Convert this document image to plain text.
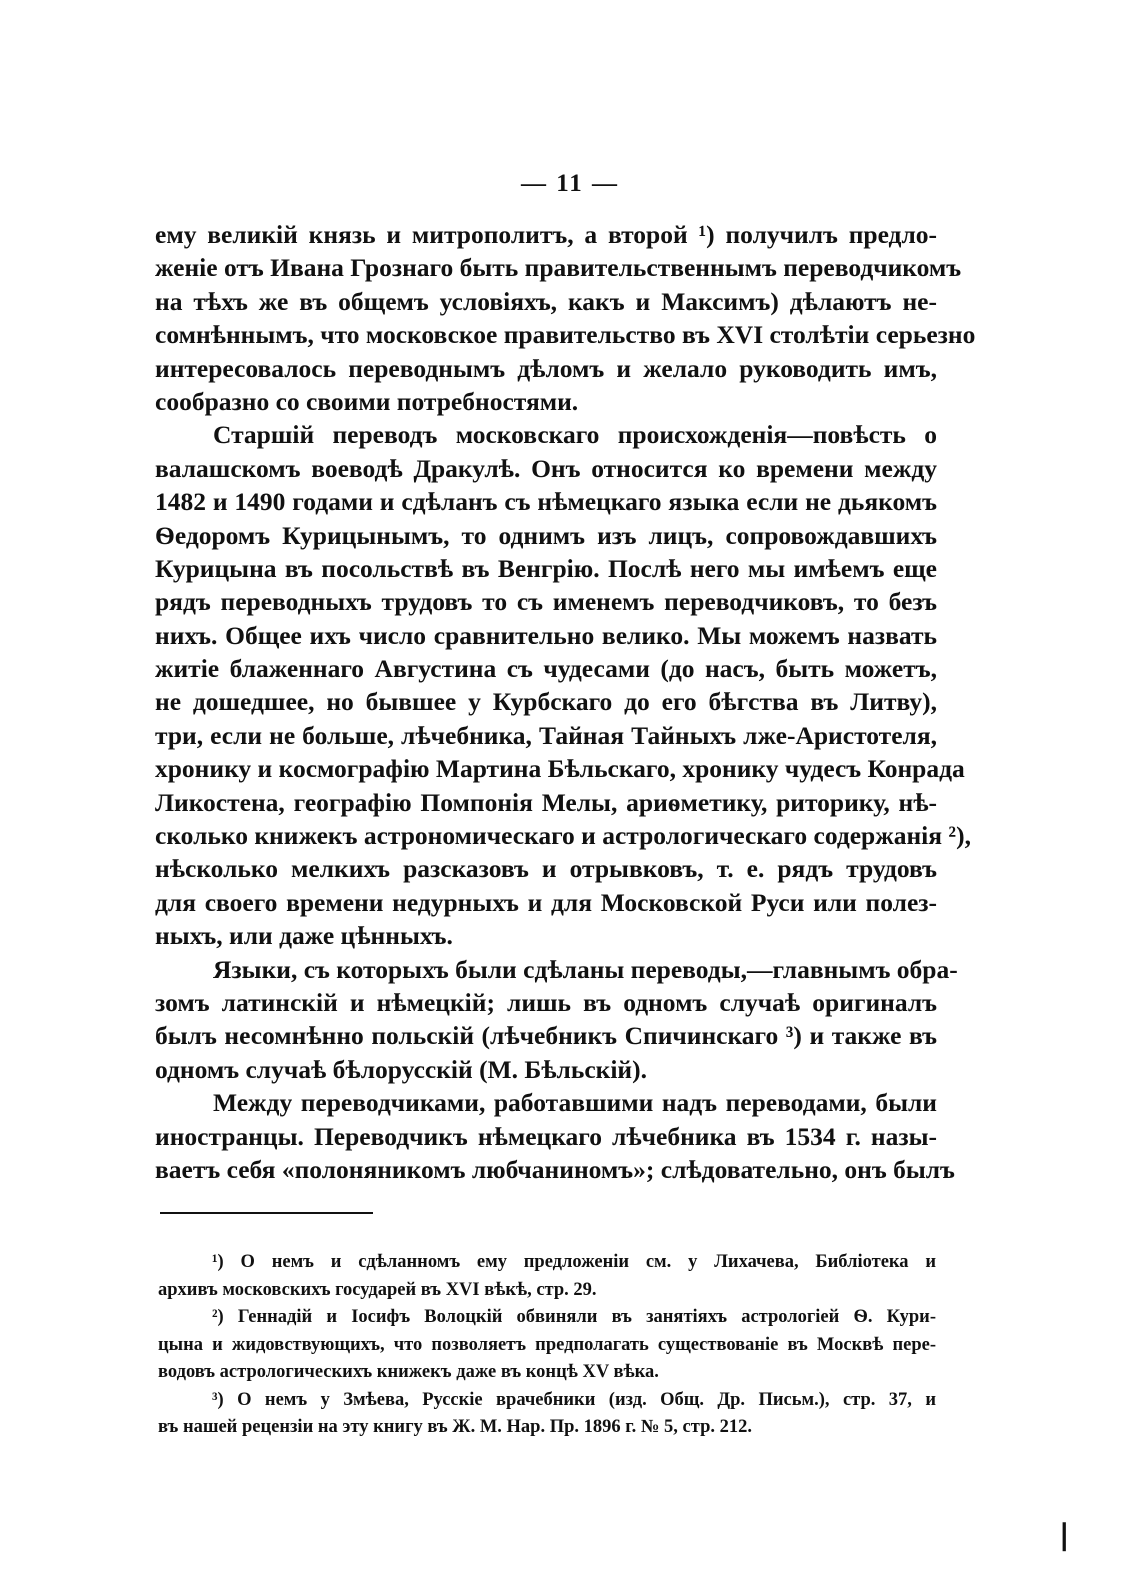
— 11 —
ему великій князь и митрополитъ, а второй ¹) получилъ предло-
женіе отъ Ивана Грознаго быть правительственнымъ переводчикомъ
на тѣхъ же въ общемъ условіяхъ, какъ и Максимъ) дѣлаютъ не-
сомнѣннымъ, что московское правительство въ XVI столѣтіи серьезно
интересовалось переводнымъ дѣломъ и желало руководить имъ,
сообразно со своими потребностями.
Старшій переводъ московскаго происхожденія—повѣсть о
валашскомъ воеводѣ Дракулѣ. Онъ относится ко времени между
1482 и 1490 годами и сдѣланъ съ нѣмецкаго языка если не дьякомъ
Ѳедоромъ Курицынымъ, то однимъ изъ лицъ, сопровождавшихъ
Курицына въ посольствѣ въ Венгрію. Послѣ него мы имѣемъ еще
рядъ переводныхъ трудовъ то съ именемъ переводчиковъ, то безъ
нихъ. Общее ихъ число сравнительно велико. Мы можемъ назвать
житіе блаженнаго Августина съ чудесами (до насъ, быть можетъ,
не дошедшее, но бывшее у Курбскаго до его бѣгства въ Литву),
три, если не больше, лѣчебника, Тайная Тайныхъ лже-Аристотеля,
хронику и космографію Мартина Бѣльскаго, хронику чудесъ Конрада
Ликостена, географію Помпонія Мелы, ариѳметику, риторику, нѣ-
сколько книжекъ астрономическаго и астрологическаго содержанія ²),
нѣсколько мелкихъ разсказовъ и отрывковъ, т. е. рядъ трудовъ
для своего времени недурныхъ и для Московской Руси или полез-
ныхъ, или даже цѣнныхъ.
Языки, съ которыхъ были сдѣланы переводы,—главнымъ обра-
зомъ латинскій и нѣмецкій; лишь въ одномъ случаѣ оригиналъ
былъ несомнѣнно польскій (лѣчебникъ Спичинскаго ³) и также въ
одномъ случаѣ бѣлорусскій (М. Бѣльскій).
Между переводчиками, работавшими надъ переводами, были
иностранцы. Переводчикъ нѣмецкаго лѣчебника въ 1534 г. назы-
ваетъ себя «полоняникомъ любчаниномъ»; слѣдовательно, онъ былъ
¹) О немъ и сдѣланномъ ему предложеніи см. у Лихачева, Библіотека и
архивъ московскихъ государей въ XVI вѣкѣ, стр. 29.
²) Геннадій и Іосифъ Волоцкій обвиняли въ занятіяхъ астрологіей Ѳ. Кури-
цына и жидовствующихъ, что позволяетъ предполагать существованіе въ Москвѣ пере-
водовъ астрологическихъ книжекъ даже въ концѣ XV вѣка.
³) О немъ у Змѣева, Русскіе врачебники (изд. Общ. Др. Письм.), стр. 37, и
въ нашей рецензіи на эту книгу въ Ж. М. Нар. Пр. 1896 г. № 5, стр. 212.
❘
